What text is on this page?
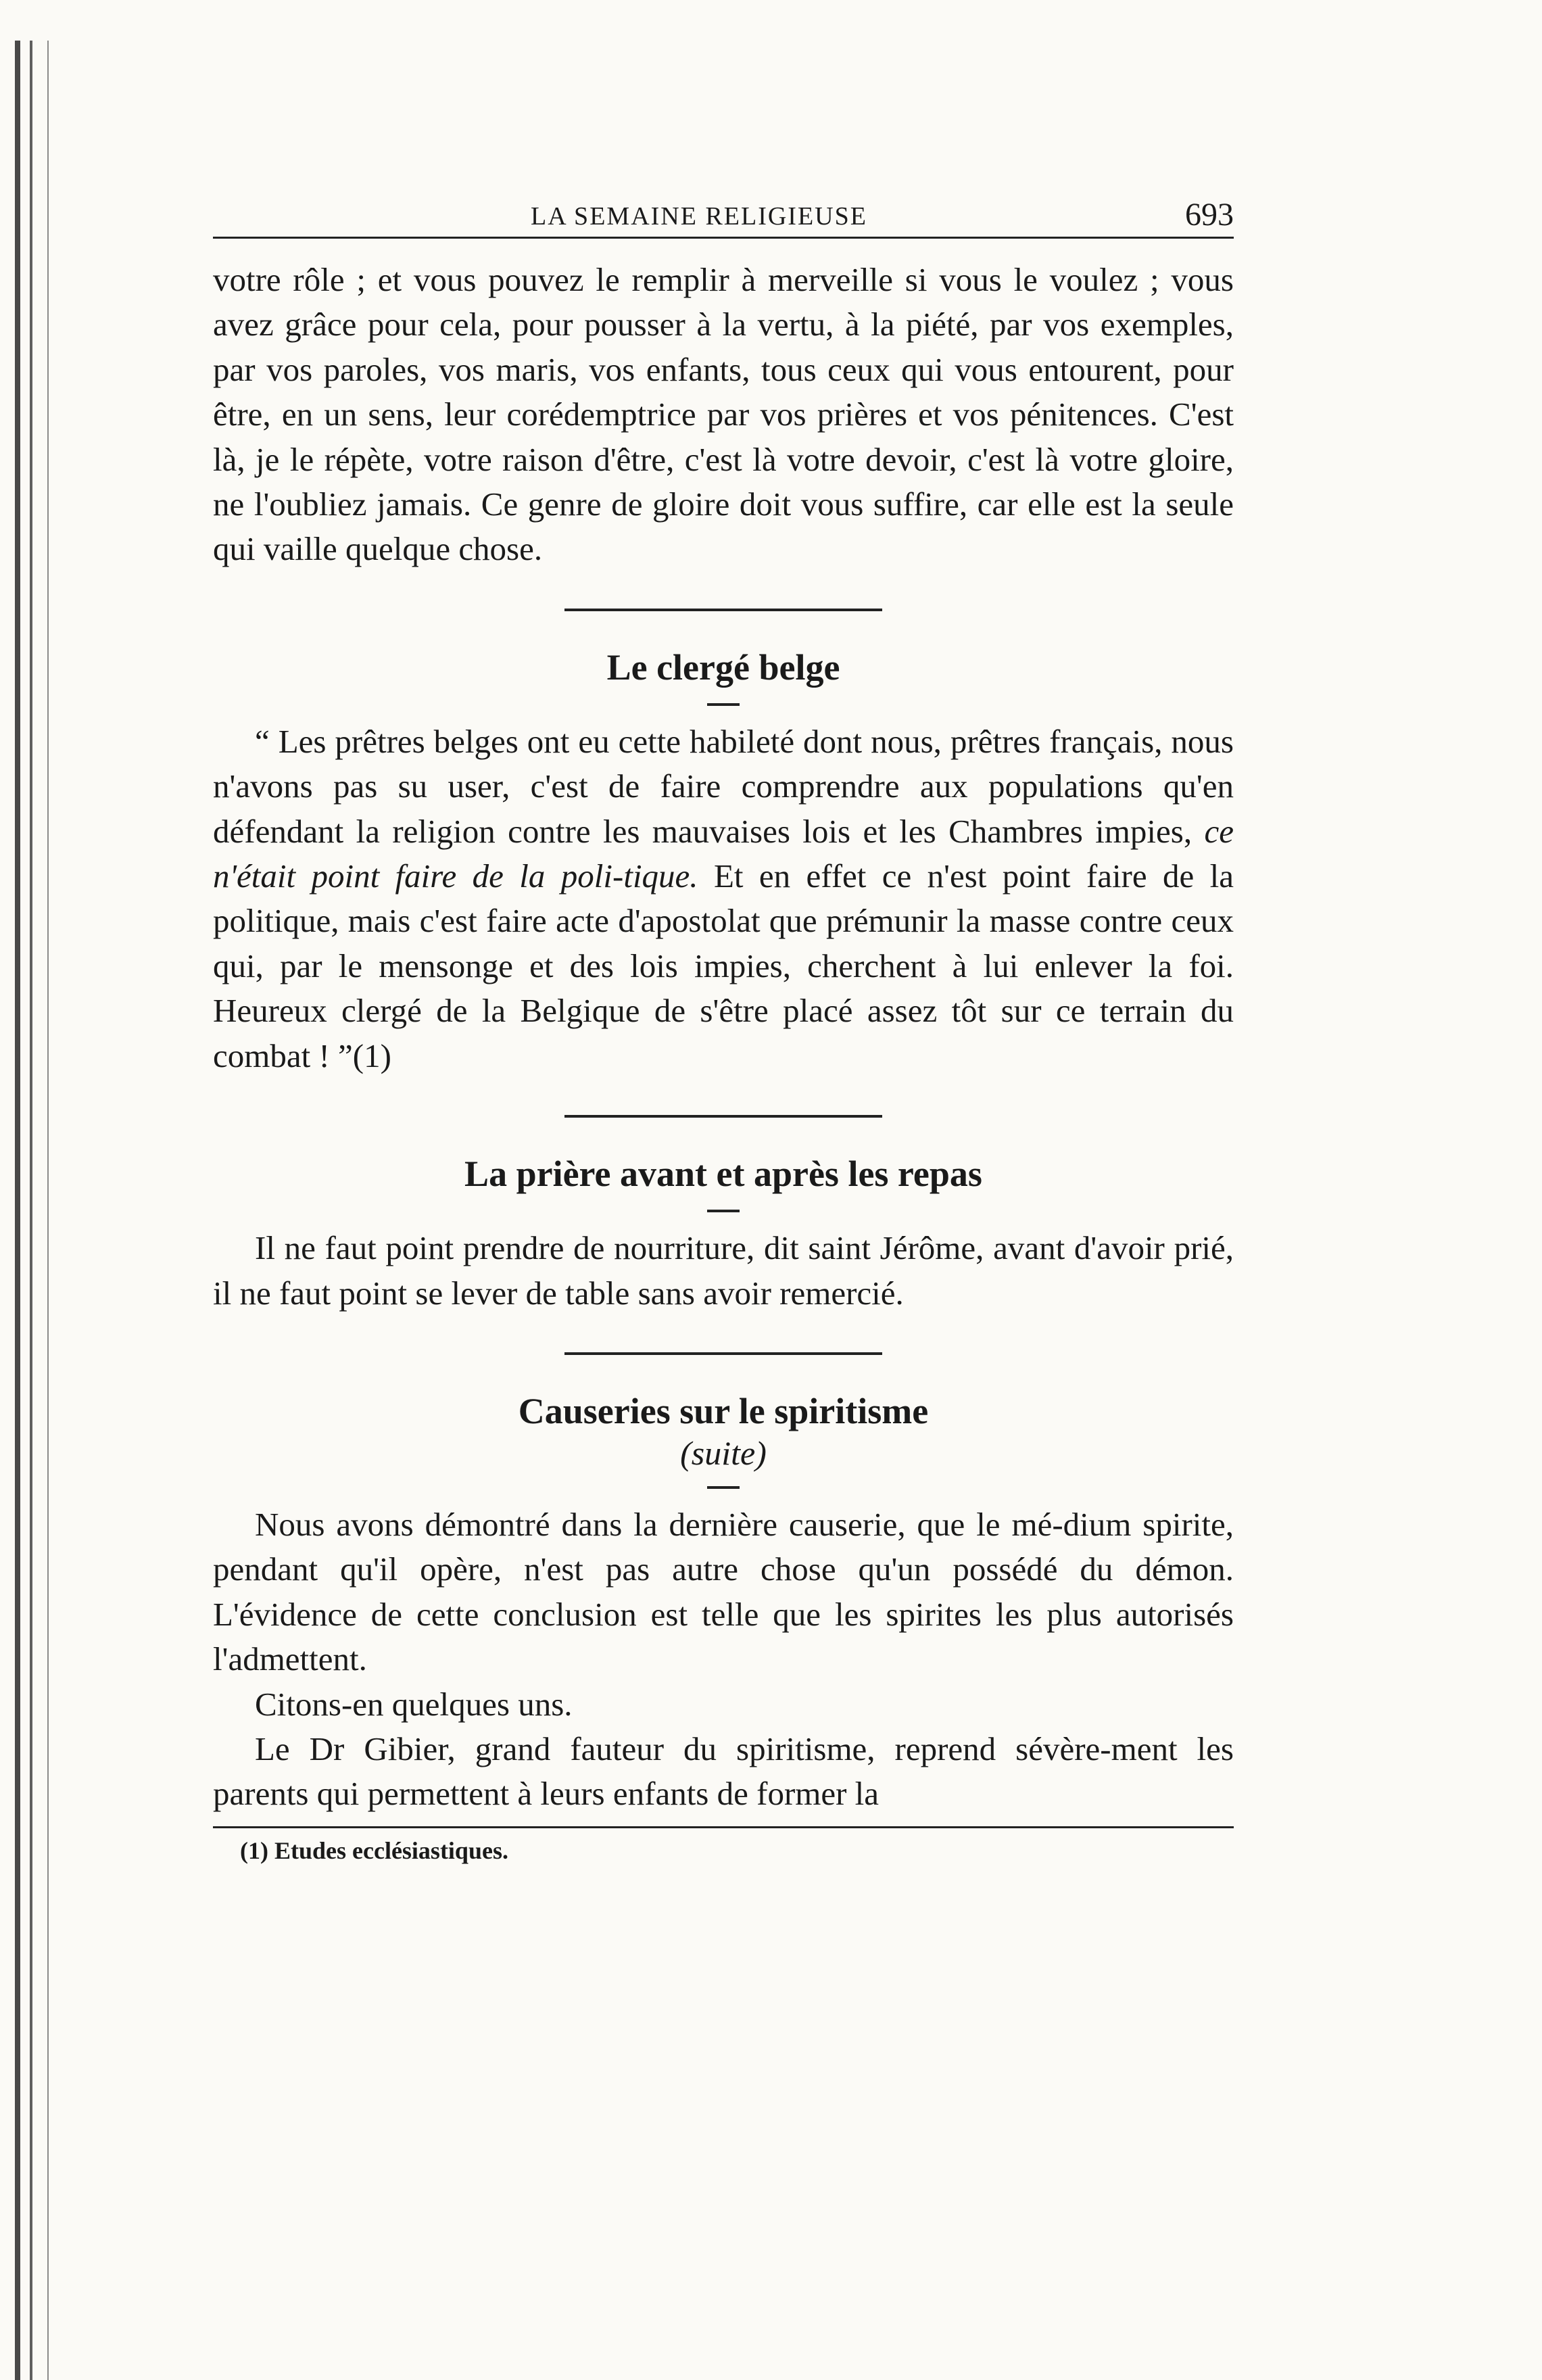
LA SEMAINE RELIGIEUSE	693

votre rôle ; et vous pouvez le remplir à merveille si vous le voulez ; vous avez grâce pour cela, pour pousser à la vertu, à la piété, par vos exemples, par vos paroles, vos maris, vos enfants, tous ceux qui vous entourent, pour être, en un sens, leur corédemptrice par vos prières et vos pénitences. C'est là, je le répète, votre raison d'être, c'est là votre devoir, c'est là votre gloire, ne l'oubliez jamais. Ce genre de gloire doit vous suffire, car elle est la seule qui vaille quelque chose.

Le clergé belge

“ Les prêtres belges ont eu cette habileté dont nous, prêtres français, nous n'avons pas su user, c'est de faire comprendre aux populations qu'en défendant la religion contre les mauvaises lois et les Chambres impies, ce n'était point faire de la poli-tique. Et en effet ce n'est point faire de la politique, mais c'est faire acte d'apostolat que prémunir la masse contre ceux qui, par le mensonge et des lois impies, cherchent à lui enlever la foi. Heureux clergé de la Belgique de s'être placé assez tôt sur ce terrain du combat ! ”(1)

La prière avant et après les repas

Il ne faut point prendre de nourriture, dit saint Jérôme, avant d'avoir prié, il ne faut point se lever de table sans avoir remercié.

Causeries sur le spiritisme

(suite)

Nous avons démontré dans la dernière causerie, que le mé-dium spirite, pendant qu'il opère, n'est pas autre chose qu'un possédé du démon. L'évidence de cette conclusion est telle que les spirites les plus autorisés l'admettent.

Citons-en quelques uns.

Le Dr Gibier, grand fauteur du spiritisme, reprend sévère-ment les parents qui permettent à leurs enfants de former la

(1) Etudes ecclésiastiques.
